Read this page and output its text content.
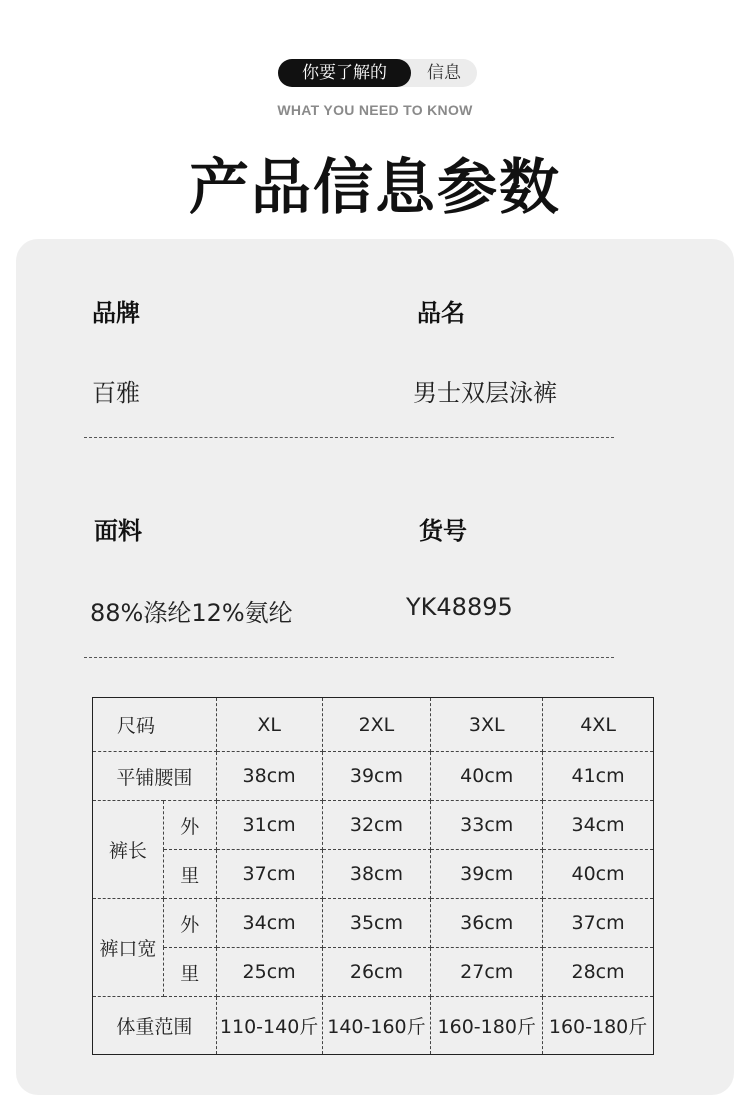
你要了解的	信息
WHAT YOU NEED TO KNOW
产品信息参数
品牌	品名
百雅	男士双层泳裤
面料	货号
88%涤纶12%氨纶	YK48895
尺码		XL	2XL	3XL	4XL
平铺腰围		38cm	39cm	40cm	41cm
裤长	外	31cm	32cm	33cm	34cm
	里	37cm	38cm	39cm	40cm
裤口宽	外	34cm	35cm	36cm	37cm
	里	25cm	26cm	27cm	28cm
体重范围		110-140斤	140-160斤	160-180斤	160-180斤
